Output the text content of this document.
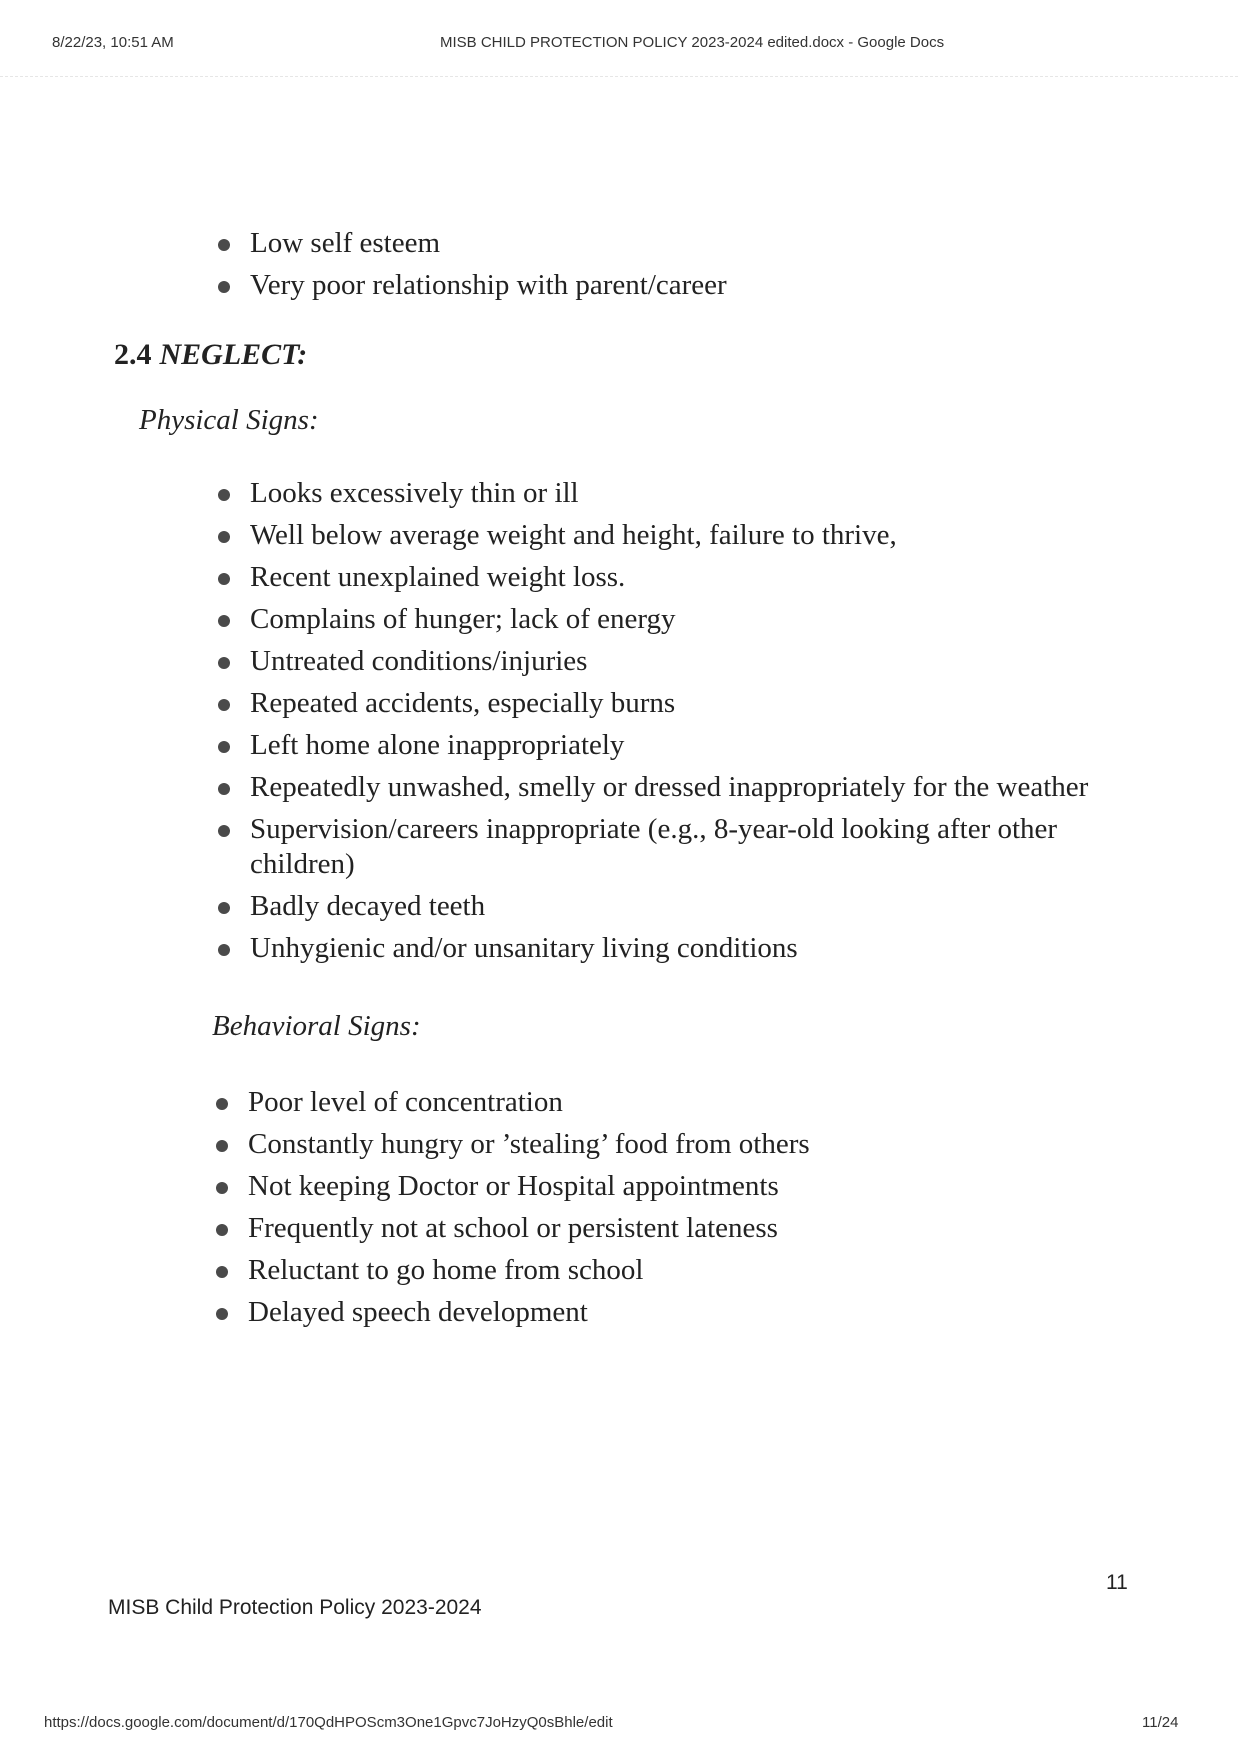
8/22/23, 10:51 AM	MISB CHILD PROTECTION POLICY 2023-2024 edited.docx - Google Docs
Low self esteem
Very poor relationship with parent/career
2.4 NEGLECT:
Physical Signs:
Looks excessively thin or ill
Well below average weight and height, failure to thrive,
Recent unexplained weight loss.
Complains of hunger; lack of energy
Untreated conditions/injuries
Repeated accidents, especially burns
Left home alone inappropriately
Repeatedly unwashed, smelly or dressed inappropriately for the weather
Supervision/careers inappropriate (e.g., 8-year-old looking after other children)
Badly decayed teeth
Unhygienic and/or unsanitary living conditions
Behavioral Signs:
Poor level of concentration
Constantly hungry or ’stealing’ food from others
Not keeping Doctor or Hospital appointments
Frequently not at school or persistent lateness
Reluctant to go home from school
Delayed speech development
11
MISB Child Protection Policy 2023-2024
https://docs.google.com/document/d/170QdHPOScm3One1Gpvc7JoHzyQ0sBhle/edit	11/24
